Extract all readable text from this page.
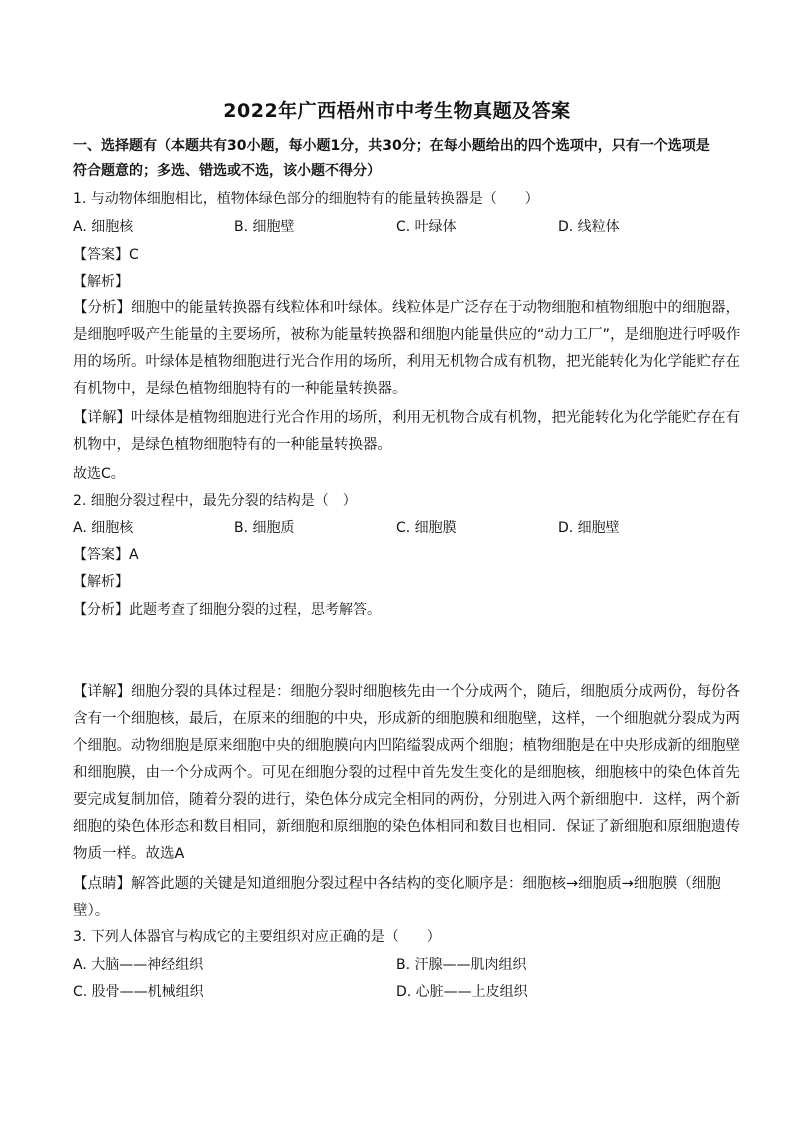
2022年广西梧州市中考生物真题及答案
一、选择题有（本题共有30小题，每小题1分，共30分；在每小题给出的四个选项中，只有一个选项是
符合题意的；多选、错选或不选，该小题不得分）
1. 与动物体细胞相比，植物体绿色部分的细胞特有的能量转换器是（　　）
A. 细胞核	B. 细胞壁	C. 叶绿体	D. 线粒体
【答案】C
【解析】
【分析】细胞中的能量转换器有线粒体和叶绿体。线粒体是广泛存在于动物细胞和植物细胞中的细胞器，
是细胞呼吸产生能量的主要场所，被称为能量转换器和细胞内能量供应的“动力工厂”，是细胞进行呼吸作
用的场所。叶绿体是植物细胞进行光合作用的场所，利用无机物合成有机物，把光能转化为化学能贮存在
有机物中，是绿色植物细胞特有的一种能量转换器。
【详解】叶绿体是植物细胞进行光合作用的场所，利用无机物合成有机物，把光能转化为化学能贮存在有
机物中，是绿色植物细胞特有的一种能量转换器。
故选C。
2. 细胞分裂过程中，最先分裂的结构是（　）
A. 细胞核	B. 细胞质	C. 细胞膜	D. 细胞壁
【答案】A
【解析】
【分析】此题考查了细胞分裂的过程，思考解答。
【详解】细胞分裂的具体过程是：细胞分裂时细胞核先由一个分成两个，随后，细胞质分成两份，每份各
含有一个细胞核，最后，在原来的细胞的中央，形成新的细胞膜和细胞壁，这样，一个细胞就分裂成为两
个细胞。动物细胞是原来细胞中央的细胞膜向内凹陷缢裂成两个细胞；植物细胞是在中央形成新的细胞壁
和细胞膜，由一个分成两个。可见在细胞分裂的过程中首先发生变化的是细胞核，细胞核中的染色体首先
要完成复制加倍，随着分裂的进行，染色体分成完全相同的两份，分别进入两个新细胞中．这样，两个新
细胞的染色体形态和数目相同，新细胞和原细胞的染色体相同和数目也相同．保证了新细胞和原细胞遗传
物质一样。故选A
【点睛】解答此题的关键是知道细胞分裂过程中各结构的变化顺序是：细胞核→细胞质→细胞膜（细胞
壁）。
3. 下列人体器官与构成它的主要组织对应正确的是（　　）
A. 大脑——神经组织	B. 汗腺——肌肉组织
C. 股骨——机械组织	D. 心脏——上皮组织
